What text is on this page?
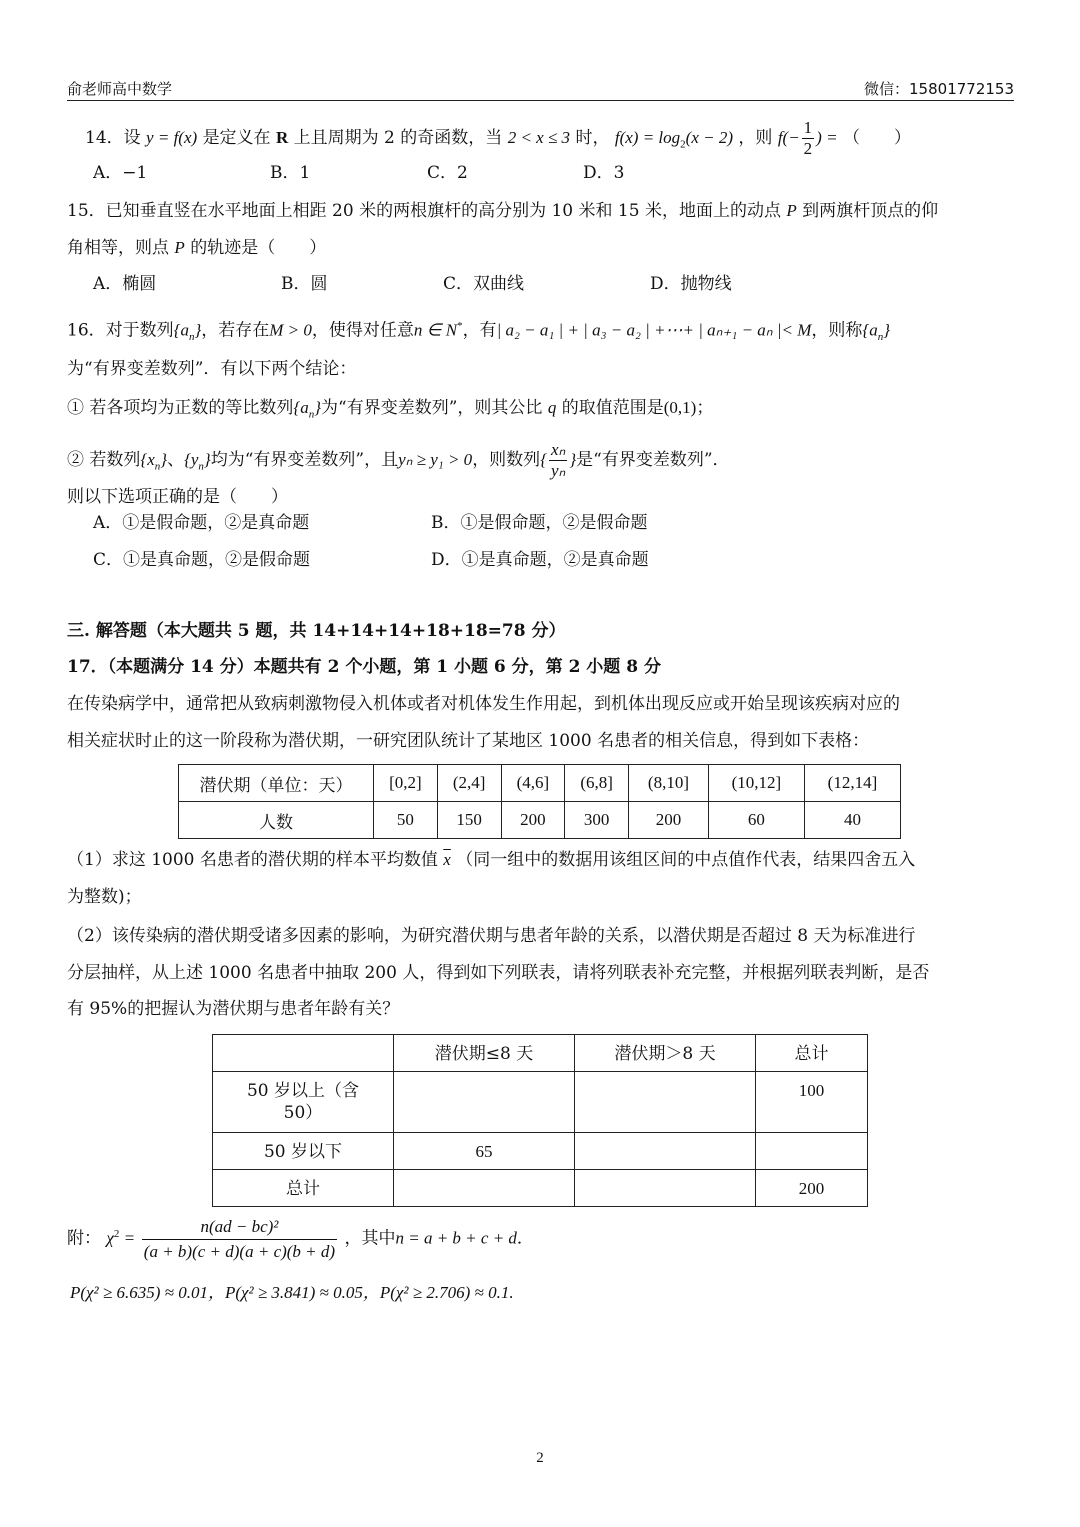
俞老师高中数学	微信：15801772153
14．设 y = f(x) 是定义在 R 上且周期为 2 的奇函数，当 2 < x ≤ 3 时， $f(x) = \log_2(x - 2)$ ，则 $f(- \frac{1}{2}$ ) = （　　）
A．−1	B．1	C．2	D．3
15．已知垂直竖在水平地面上相距 20 米的两根旗杆的高分别为 10 米和 15 米，地面上的动点 P 到两旗杆顶点的仰
角相等，则点 P 的轨迹是（　　）
A．椭圆	B．圆	C．双曲线	D．抛物线
16．对于数列$\{a_n\}$，若存在M > 0，使得对任意n ∈ N*，有| a₂ − a₁ | + | a₃ − a₂ | +⋯+ | aₙ₊₁ − aₙ |< M，则称$\{a_n\}$
为“有界变差数列”．有以下两个结论：
① 若各项均为正数的等比数列$\{a_n\}$为“有界变差数列”，则其公比 q 的取值范围是(0,1)；
② 若数列$\{x_n\}$、$\{y_n\}$均为“有界变差数列”，且yₙ ≥ y₁ > 0，则数列{ $\frac{\text{xₙ}}{\text{yₙ}}$ }是“有界变差数列”．
则以下选项正确的是（　　）
A．①是假命题，②是真命题	B．①是假命题，②是假命题
C．①是真命题，②是假命题	D．①是真命题，②是真命题
三. 解答题（本大题共 5 题，共 14+14+14+18+18=78 分）
17．（本题满分 14 分）本题共有 2 个小题，第 1 小题 6 分，第 2 小题 8 分
在传染病学中，通常把从致病刺激物侵入机体或者对机体发生作用起，到机体出现反应或开始呈现该疾病对应的
相关症状时止的这一阶段称为潜伏期，一研究团队统计了某地区 1000 名患者的相关信息，得到如下表格：
潜伏期（单位：天）	[0,2]	(2,4]	(4,6]	(6,8]	(8,10]	(10,12]	(12,14]
人数	50	150	200	300	200	60	40
（1）求这 1000 名患者的潜伏期的样本平均数值 $\overline{x}$ （同一组中的数据用该组区间的中点值作代表，结果四舍五入
为整数)；
（2）该传染病的潜伏期受诸多因素的影响，为研究潜伏期与患者年龄的关系，以潜伏期是否超过 8 天为标准进行
分层抽样，从上述 1000 名患者中抽取 200 人，得到如下列联表，请将列联表补充完整，并根据列联表判断，是否
有 95%的把握认为潜伏期与患者年龄有关？
	潜伏期≤8 天	潜伏期＞8 天	总计
50 岁以上（含 50）			100
50 岁以下	65		
总计			200
附： $\chi^2 = \frac{\text{n(ad − bc)²}}{(a + b)(c + d)(a + c)(b + d)}$ ，其中n = a + b + c + d．
P(χ² ≥ 6.635) ≈ 0.01，P(χ² ≥ 3.841) ≈ 0.05，P(χ² ≥ 2.706) ≈ 0.1.
2
